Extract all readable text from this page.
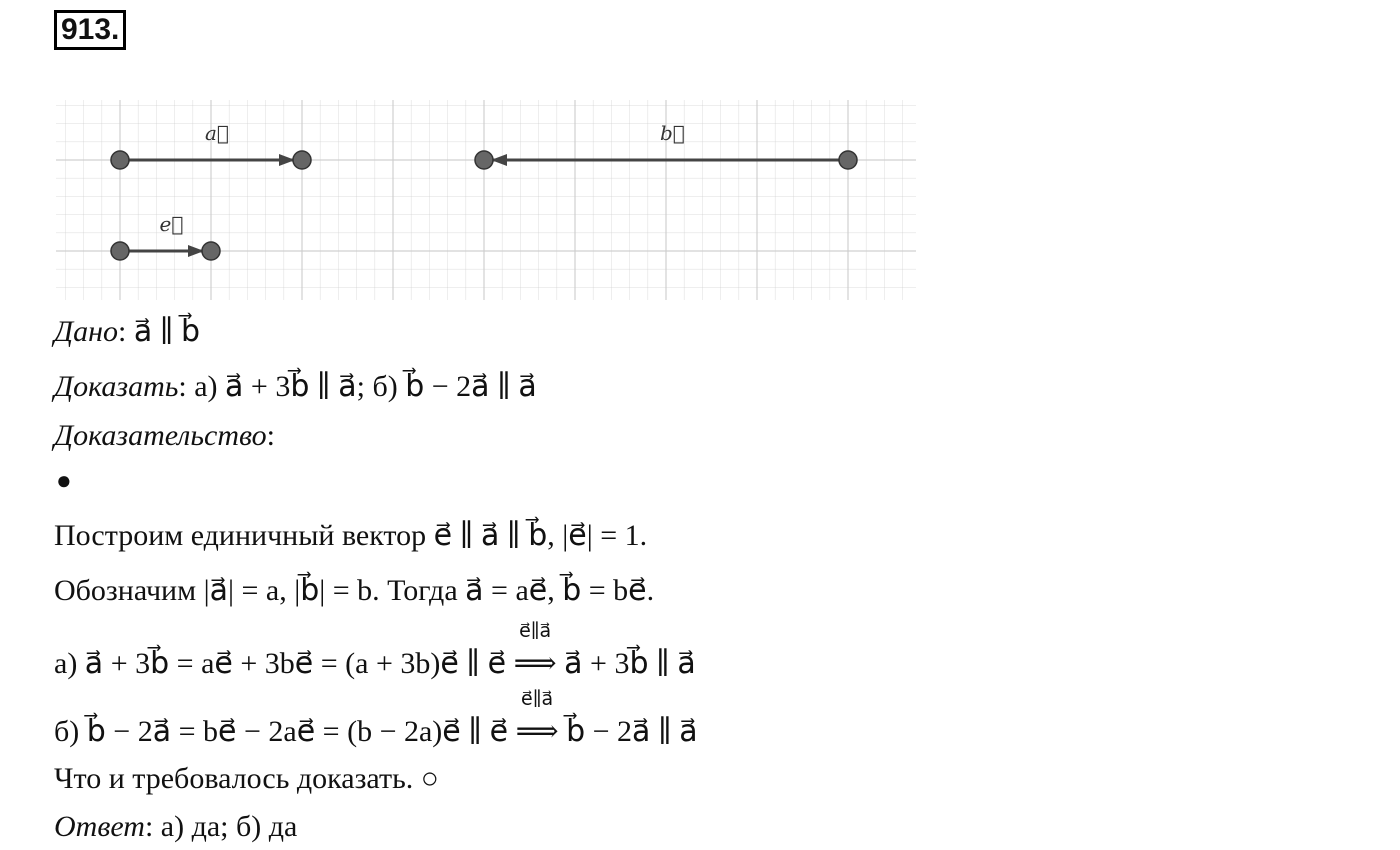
913.
a⃗	b⃗
e⃗
Дано: a⃗ ∥ b⃗
Доказать: а) a⃗ + 3b⃗ ∥ a⃗; б) b⃗ − 2a⃗ ∥ a⃗
Доказательство:
●
Построим единичный вектор e⃗ ∥ a⃗ ∥ b⃗, |e⃗| = 1.
Обозначим |a⃗| = a, |b⃗| = b. Тогда a⃗ = ae⃗, b⃗ = be⃗.
а) a⃗ + 3b⃗ = ae⃗ + 3be⃗ = (a + 3b)e⃗ ∥ e⃗
e⃗∥a⃗
⟹ a⃗ + 3b⃗ ∥ a⃗
б) b⃗ − 2a⃗ = be⃗ − 2ae⃗ = (b − 2a)e⃗ ∥ e⃗
e⃗∥a⃗
⟹ b⃗ − 2a⃗ ∥ a⃗
Что и требовалось доказать. ○
Ответ: а) да; б) да
